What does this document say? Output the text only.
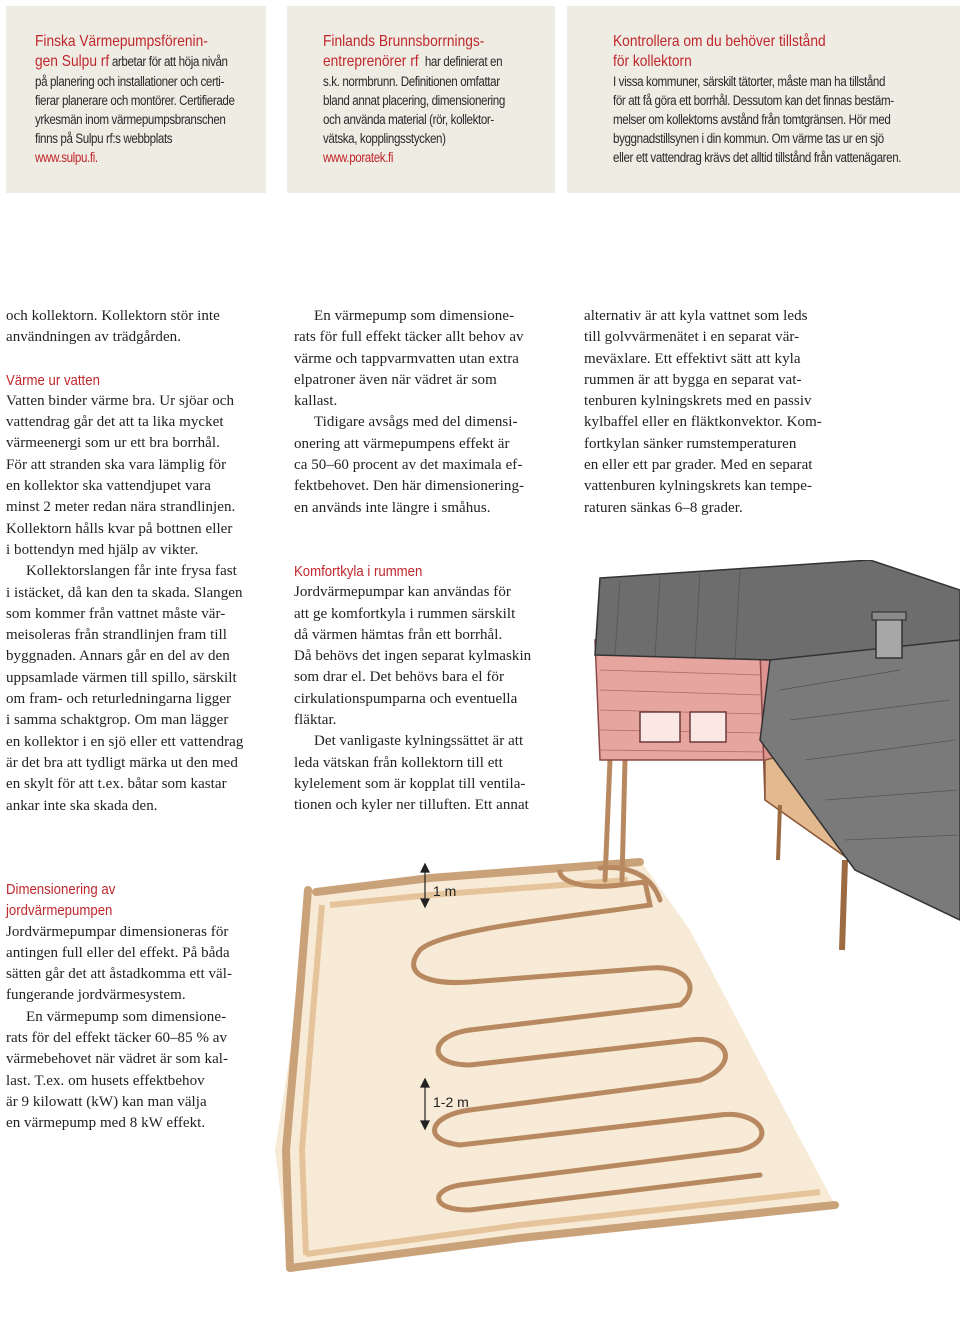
Finska Värmepumpsförenin-
gen Sulpu rf arbetar för att höja nivån
på planering och installationer och certi-
fierar planerare och montörer. Certifierade
yrkesmän inom värmepumpsbranschen
finns på Sulpu rf:s webbplats
www.sulpu.fi.
Finlands Brunnsborrnings-
entreprenörer rf har definierat en
s.k. normbrunn. Definitionen omfattar
bland annat placering, dimensionering
och använda material (rör, kollektor-
vätska, kopplingsstycken)
www.poratek.fi
Kontrollera om du behöver tillstånd
för kollektorn
I vissa kommuner, särskilt tätorter, måste man ha tillstånd
för att få göra ett borrhål. Dessutom kan det finnas bestäm-
melser om kollektorns avstånd från tomtgränsen. Hör med
byggnadstillsynen i din kommun. Om värme tas ur en sjö
eller ett vattendrag krävs det alltid tillstånd från vattenägaren.
och kollektorn. Kollektorn stör inte
användningen av trädgården.
Värme ur vatten
Vatten binder värme bra. Ur sjöar och
vattendrag går det att ta lika mycket
värmeenergi som ur ett bra borrhål.
För att stranden ska vara lämplig för
en kollektor ska vattendjupet vara
minst 2 meter redan nära strandlinjen.
Kollektorn hålls kvar på bottnen eller
i bottendyn med hjälp av vikter.
Kollektorslangen får inte frysa fast
i istäcket, då kan den ta skada. Slangen
som kommer från vattnet måste vär-
meisoleras från strandlinjen fram till
byggnaden. Annars går en del av den
uppsamlade värmen till spillo, särskilt
om fram- och returledningarna ligger
i samma schaktgrop. Om man lägger
en kollektor i en sjö eller ett vattendrag
är det bra att tydligt märka ut den med
en skylt för att t.ex. båtar som kastar
ankar inte ska skada den.
En värmepump som dimensione-
rats för full effekt täcker allt behov av
värme och tappvarmvatten utan extra
elpatroner även när vädret är som
kallast.
Tidigare avsågs med del dimensi-
onering att värmepumpens effekt är
ca 50–60 procent av det maximala ef-
fektbehovet. Den här dimensionering-
en används inte längre i småhus.
Komfortkyla i rummen
Jordvärmepumpar kan användas för
att ge komfortkyla i rummen särskilt
då värmen hämtas från ett borrhål.
Då behövs det ingen separat kylmaskin
som drar el. Det behövs bara el för
cirkulationspumparna och eventuella
fläktar.
Det vanligaste kylningssättet är att
leda vätskan från kollektorn till ett
kylelement som är kopplat till ventila-
tionen och kyler ner tilluften. Ett annat
alternativ är att kyla vattnet som leds
till golvvärmenätet i en separat vär-
meväxlare. Ett effektivt sätt att kyla
rummen är att bygga en separat vat-
tenburen kylningskrets med en passiv
kylbaffel eller en fläktkonvektor. Kom-
fortkylan sänker rumstemperaturen
en eller ett par grader. Med en separat
vattenburen kylningskrets kan tempe-
raturen sänkas 6–8 grader.
1 m
1-2 m
Dimensionering av
jordvärmepumpen
Jordvärmepumpar dimensioneras för
antingen full eller del effekt. På båda
sätten går det att åstadkomma ett väl-
fungerande jordvärmesystem.
En värmepump som dimensione-
rats för del effekt täcker 60–85 % av
värmebehovet när vädret är som kal-
last. T.ex. om husets effektbehov
är 9 kilowatt (kW) kan man välja
en värmepump med 8 kW effekt.
